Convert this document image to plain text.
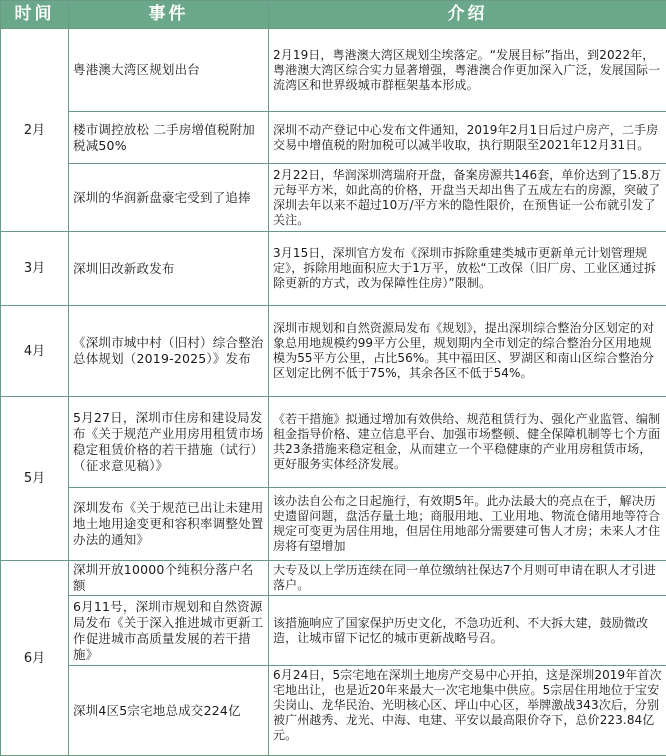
时间	事件	介绍
2月	粤港澳大湾区规划出台	2月19日，粤港澳大湾区规划尘埃落定。“发展目标”指出，到2022年，粤港澳大湾区综合实力显著增强，粤港澳合作更加深入广泛，发展国际一流湾区和世界级城市群框架基本形成。
	楼市调控放松 二手房增值税附加税减50%	深圳不动产登记中心发布文件通知，2019年2月1日后过户房产，二手房交易中增值税的附加税可以减半收取，执行期限至2021年12月31日。
	深圳的华润新盘豪宅受到了追捧	2月22日，华润深圳湾瑞府开盘，备案房源共146套，单价达到了15.8万元每平方米，如此高的价格，开盘当天却出售了五成左右的房源，突破了深圳去年以来不超过10万/平方米的隐性限价，在预售证一公布就引发了关注。
3月	深圳旧改新政发布	3月15日，深圳官方发布《深圳市拆除重建类城市更新单元计划管理规定》，拆除用地面积应大于1万平，放松“工改保（旧厂房、工业区通过拆除更新的方式，改为保障性住房）”限制。
4月	《深圳市城中村（旧村）综合整治总体规划（2019-2025）》发布	深圳市规划和自然资源局发布《规划》，提出深圳综合整治分区划定的对象总用地规模约99平方公里，规划期内全市划定的综合整治分区用地规模为55平方公里，占比56%。其中福田区、罗湖区和南山区综合整治分区划定比例不低于75%，其余各区不低于54%。
5月	5月27日，深圳市住房和建设局发布《关于规范产业用房用租赁市场稳定租赁价格的若干措施（试行）（征求意见稿）》	《若干措施》拟通过增加有效供给、规范租赁行为、强化产业监管、编制租金指导价格、建立信息平台、加强市场整顿、健全保障机制等七个方面共23条措施来稳定租金，从而建立一个平稳健康的产业用房租赁市场，更好服务实体经济发展。
	深圳发布《关于规范已出让未建用地土地用途变更和容积率调整处置办法的通知》	该办法自公布之日起施行，有效期5年。此办法最大的亮点在于，解决历史遗留问题，盘活存量土地；商服用地、工业用地、物流仓储用地等符合规定可变更为居住用地，但居住用地部分需要建可售人才房；未来人才住房将有望增加
6月	深圳开放10000个纯积分落户名额	大专及以上学历连续在同一单位缴纳社保达7个月则可申请在职人才引进落户。
	6月11号，深圳市规划和自然资源局发布《关于深入推进城市更新工作促进城市高质量发展的若干措施》	该措施响应了国家保护历史文化，不急功近利、不大拆大建，鼓励微改造，让城市留下记忆的城市更新战略号召。
	深圳4区5宗宅地总成交224亿	6月24日，5宗宅地在深圳土地房产交易中心开拍，这是深圳2019年首次宅地出让，也是近20年来最大一次宅地集中供应。5宗居住用地位于宝安尖岗山、龙华民治、光明核心区、坪山中心区，举牌激战343次后，分别被广州越秀、龙光、中海、电建、平安以最高限价夺下，总价223.84亿元。
